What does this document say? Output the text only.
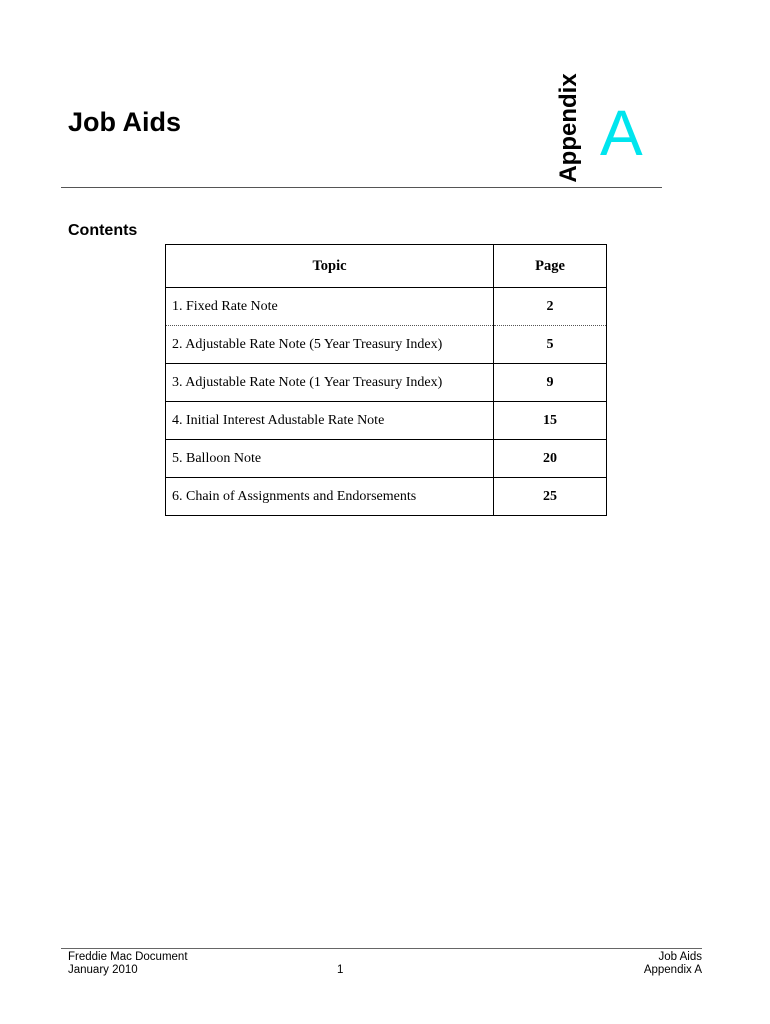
Job Aids	Appendix A
Contents
Topic	Page
1. Fixed Rate Note	2
2. Adjustable Rate Note (5 Year Treasury Index)	5
3. Adjustable Rate Note (1 Year Treasury Index)	9
4. Initial Interest Adustable Rate Note	15
5. Balloon Note	20
6. Chain of Assignments and Endorsements	25
Freddie Mac Document
January 2010	1
Job Aids
Appendix A
